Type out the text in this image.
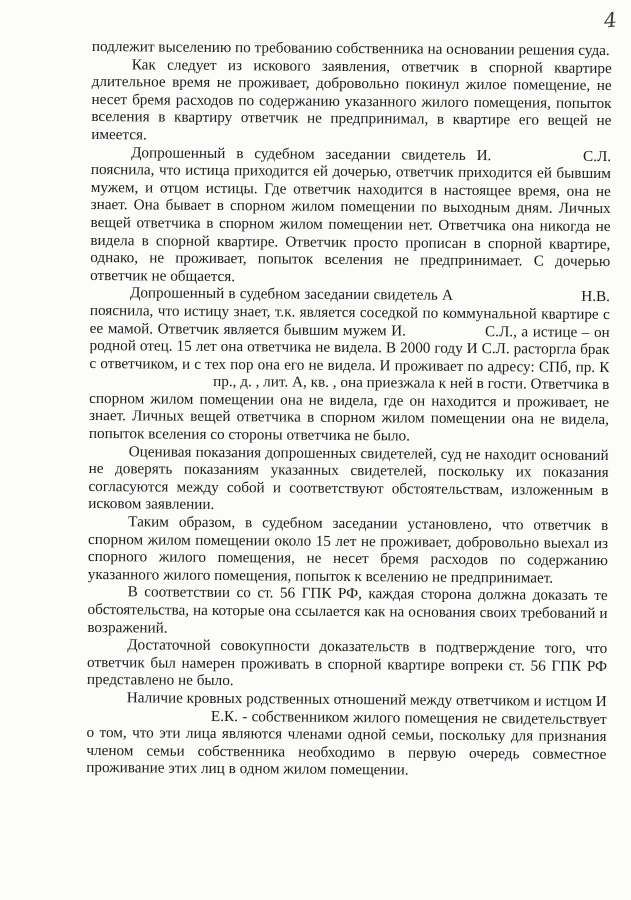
4

подлежит выселению по требованию собственника на основании решения суда.

Как следует из искового заявления, ответчик в спорной квартире длительное время не проживает, добровольно покинул жилое помещение, не несет бремя расходов по содержанию указанного жилого помещения, попыток вселения в квартиру ответчик не предпринимал, в квартире его вещей не имеется.

Допрошенный в судебном заседании свидетель И.	С.Л. пояснила, что истица приходится ей дочерью, ответчик приходится ей бывшим мужем, и отцом истицы. Где ответчик находится в настоящее время, она не знает. Она бывает в спорном жилом помещении по выходным дням. Личных вещей ответчика в спорном жилом помещении нет. Ответчика она никогда не видела в спорной квартире. Ответчик просто прописан в спорной квартире, однако, не проживает, попыток вселения не предпринимает. С дочерью ответчик не общается.

Допрошенный в судебном заседании свидетель А	Н.В. пояснила, что истицу знает, т.к. является соседкой по коммунальной квартире с ее мамой. Ответчик является бывшим мужем И.	С.Л., а истице – он родной отец. 15 лет она ответчика не видела. В 2000 году И С.Л. расторгла брак с ответчиком, и с тех пор она его не видела. И проживает по адресу: СПб, пр. К  пр., д. , лит. А, кв. , она приезжала к ней в гости. Ответчика в спорном жилом помещении она не видела, где он находится и проживает, не знает. Личных вещей ответчика в спорном жилом помещении она не видела, попыток вселения со стороны ответчика не было.

Оценивая показания допрошенных свидетелей, суд не находит оснований не доверять показаниям указанных свидетелей, поскольку их показания согласуются между собой и соответствуют обстоятельствам, изложенным в исковом заявлении.

Таким образом, в судебном заседании установлено, что ответчик в спорном жилом помещении около 15 лет не проживает, добровольно выехал из спорного жилого помещения, не несет бремя расходов по содержанию указанного жилого помещения, попыток к вселению не предпринимает.

В соответствии со ст. 56 ГПК РФ, каждая сторона должна доказать те обстоятельства, на которые она ссылается как на основания своих требований и возражений.

Достаточной совокупности доказательств в подтверждение того, что ответчик был намерен проживать в спорной квартире вопреки ст. 56 ГПК РФ представлено не было.

Наличие кровных родственных отношений между ответчиком и истцом И  Е.К. - собственником жилого помещения не свидетельствует о том, что эти лица являются членами одной семьи, поскольку для признания членом семьи собственника необходимо в первую очередь совместное проживание этих лиц в одном жилом помещении.
